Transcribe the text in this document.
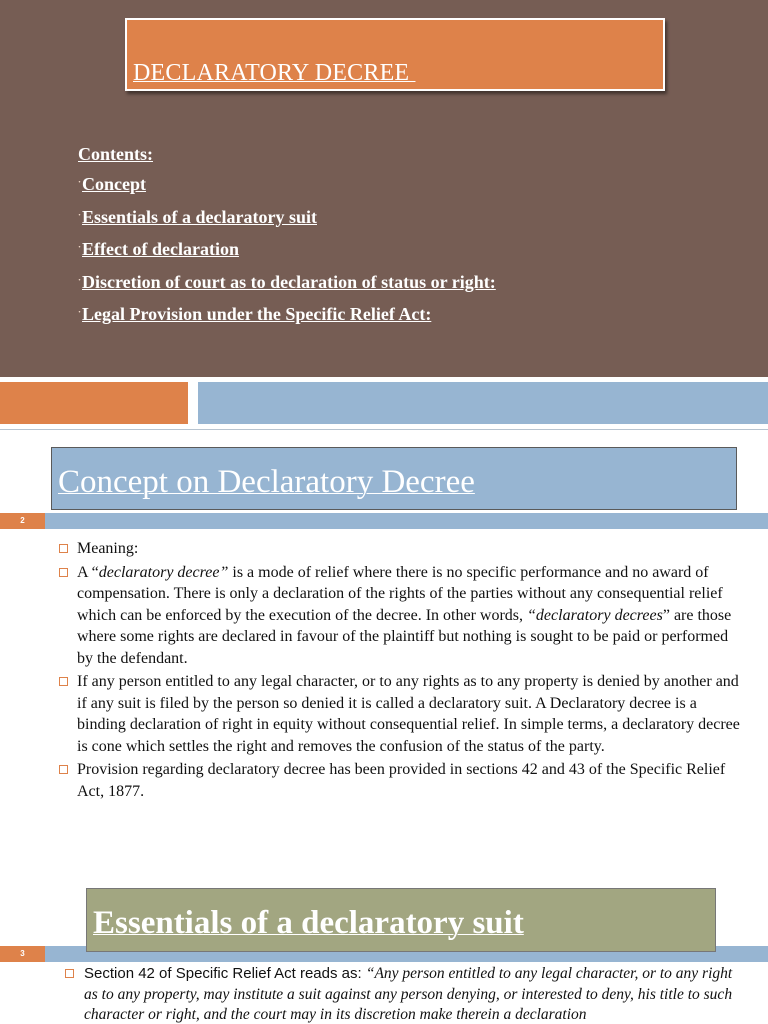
DECLARATORY DECREE
Contents:
·Concept
·Essentials of a declaratory suit
·Effect of declaration
·Discretion of court as to declaration of status or right:
·Legal Provision under the Specific Relief Act:
Concept on Declaratory Decree
2
Meaning:
A “declaratory decree” is a mode of relief where there is no specific performance and no award of compensation. There is only a declaration of the rights of the parties without any consequential relief which can be enforced by the execution of the decree. In other words, “declaratory decrees” are those where some rights are declared in favour of the plaintiff but nothing is sought to be paid or performed by the defendant.
If any person entitled to any legal character, or to any rights as to any property is denied by another and if any suit is filed by the person so denied it is called a declaratory suit. A Declaratory decree is a binding declaration of right in equity without consequential relief. In simple terms, a declaratory decree is cone which settles the right and removes the confusion of the status of the party.
Provision regarding declaratory decree has been provided in sections 42 and 43 of the Specific Relief Act, 1877.
3
Essentials of a declaratory suit
Section 42 of Specific Relief Act reads as: “Any person entitled to any legal character, or to any right as to any property, may institute a suit against any person denying, or interested to deny, his title to such character or right, and the court may in its discretion make therein a declaration
